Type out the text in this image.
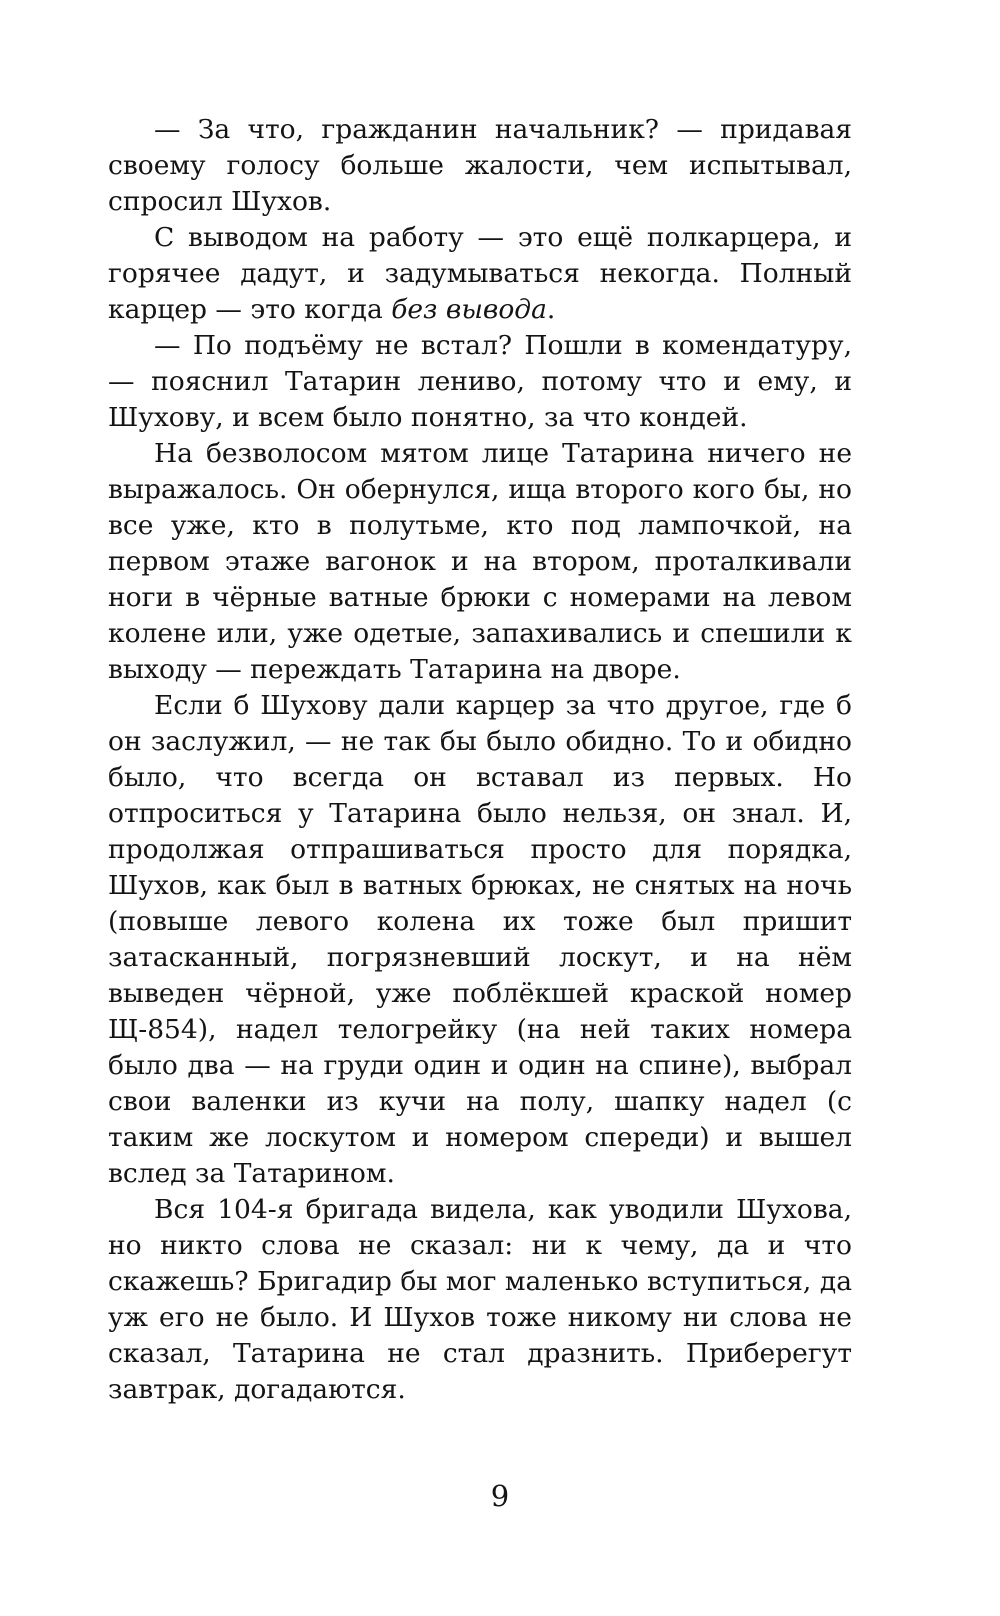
— За что, гражданин начальник? — придавая своему голосу больше жалости, чем испытывал, спросил Шухов.

С выводом на работу — это ещё полкарцера, и горячее дадут, и задумываться некогда. Полный карцер — это когда без вывода.

— По подъёму не встал? Пошли в комендатуру, — пояснил Татарин лениво, потому что и ему, и Шухову, и всем было понятно, за что кондей.

На безволосом мятом лице Татарина ничего не выражалось. Он обернулся, ища второго кого бы, но все уже, кто в полутьме, кто под лампочкой, на первом этаже вагонок и на втором, проталкивали ноги в чёрные ватные брюки с номерами на левом колене или, уже одетые, запахивались и спешили к выходу — переждать Татарина на дворе.

Если б Шухову дали карцер за что другое, где б он заслужил, — не так бы было обидно. То и обидно было, что всегда он вставал из первых. Но отпроситься у Татарина было нельзя, он знал. И, продолжая отпрашиваться просто для порядка, Шухов, как был в ватных брюках, не снятых на ночь (повыше левого колена их тоже был пришит затасканный, погрязневший лоскут, и на нём выведен чёрной, уже поблёкшей краской номер Щ-854), надел телогрейку (на ней таких номера было два — на груди один и один на спине), выбрал свои валенки из кучи на полу, шапку надел (с таким же лоскутом и номером спереди) и вышел вслед за Татарином.

Вся 104-я бригада видела, как уводили Шухова, но никто слова не сказал: ни к чему, да и что скажешь? Бригадир бы мог маленько вступиться, да уж его не было. И Шухов тоже никому ни слова не сказал, Татарина не стал дразнить. Приберегут завтрак, догадаются.

9
